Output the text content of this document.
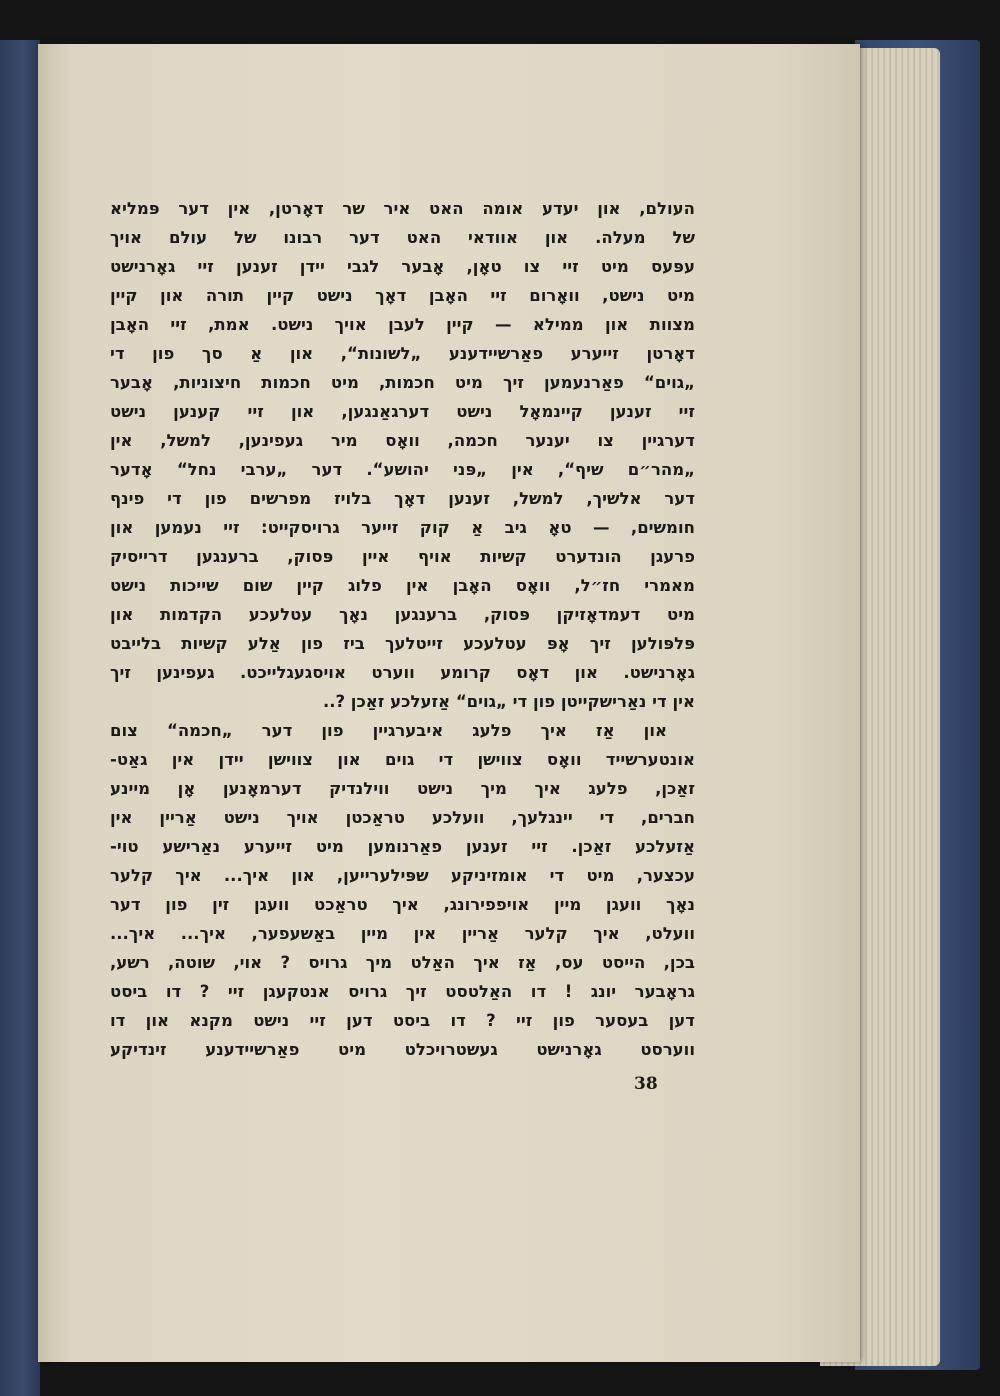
העולם, און יעדע אומה האט איר שר דאָרטן, אין דער פּמליא
של מעלה. און אוודאי האט דער רבונו של עולם אויך
עפּעס מיט זיי צו טאָן, אָבער לגבי יידן זענען זיי גאָרנישט
מיט נישט, וואָרום זיי האָבן דאָך נישט קיין תורה און קיין
מצוות און ממילא — קיין לעבן אויך נישט. אמת, זיי האָבן
דאָרטן זייערע פאַרשיידענע „לשונות“, און אַ סך פון די
„גוים“ פאַרנעמען זיך מיט חכמות, מיט חכמות חיצוניות, אָבער
זיי זענען קיינמאָל נישט דערגאַנגען, און זיי קענען נישט
דערגיין צו יענער חכמה, וואָס מיר געפינען, למשל, אין
„מהר״ם שיף“, אין „פּני יהושע“. דער „ערבי נחל“ אָדער
דער אלשיך, למשל, זענען דאָך בלויז מפרשים פון די פינף
חומשים, — טאָ גיב אַ קוק זייער גרויסקייט: זיי נעמען און
פרעגן הונדערט קשיות אויף איין פּסוק, ברענגען דרייסיק
מאמרי חז״ל, וואָס האָבן אין פלוג קיין שום שייכות נישט
מיט דעמדאָזיקן פּסוק, ברענגען נאָך עטלעכע הקדמות און
פּלפּולען זיך אָפּ עטלעכע זייטלעך ביז פון אַלע קשיות בלייבט
גאָרנישט. און דאָס קרומע ווערט אויסגעגלייכט. געפינען זיך
אין די נאַרישקייטן פון די „גוים“ אַזעלכע זאַכן ?..
און אַז איך פלעג איבערגיין פון דער „חכמה“ צום
אונטערשייד וואָס צווישן די גוים און צווישן יידן אין גאַט-
זאַכן, פלעג איך מיך נישט ווילנדיק דערמאָנען אָן מיינע
חברים, די יינגלעך, וועלכע טראַכטן אויך נישט אַריין אין
אַזעלכע זאַכן. זיי זענען פאַרנומען מיט זייערע נאַרישע טוי-
עכצער, מיט די אומזיניקע שפּילערייען, און איך... איך קלער
נאָך וועגן מיין אויפפירונג, איך טראַכט וועגן זין פון דער
וועלט, איך קלער אַריין אין מיין באַשעפער, איך... איך...
בכן, הייסט עס, אַז איך האַלט מיך גרויס ? אוי, שוטה, רשע,
גראָבער יונג ! דו האַלטסט זיך גרויס אנטקעגן זיי ? דו ביסט
דען בעסער פון זיי ? דו ביסט דען זיי נישט מקנא און דו
ווערסט גאָרנישט געשטרויכלט מיט פאַרשיידענע זינדיקע
38
